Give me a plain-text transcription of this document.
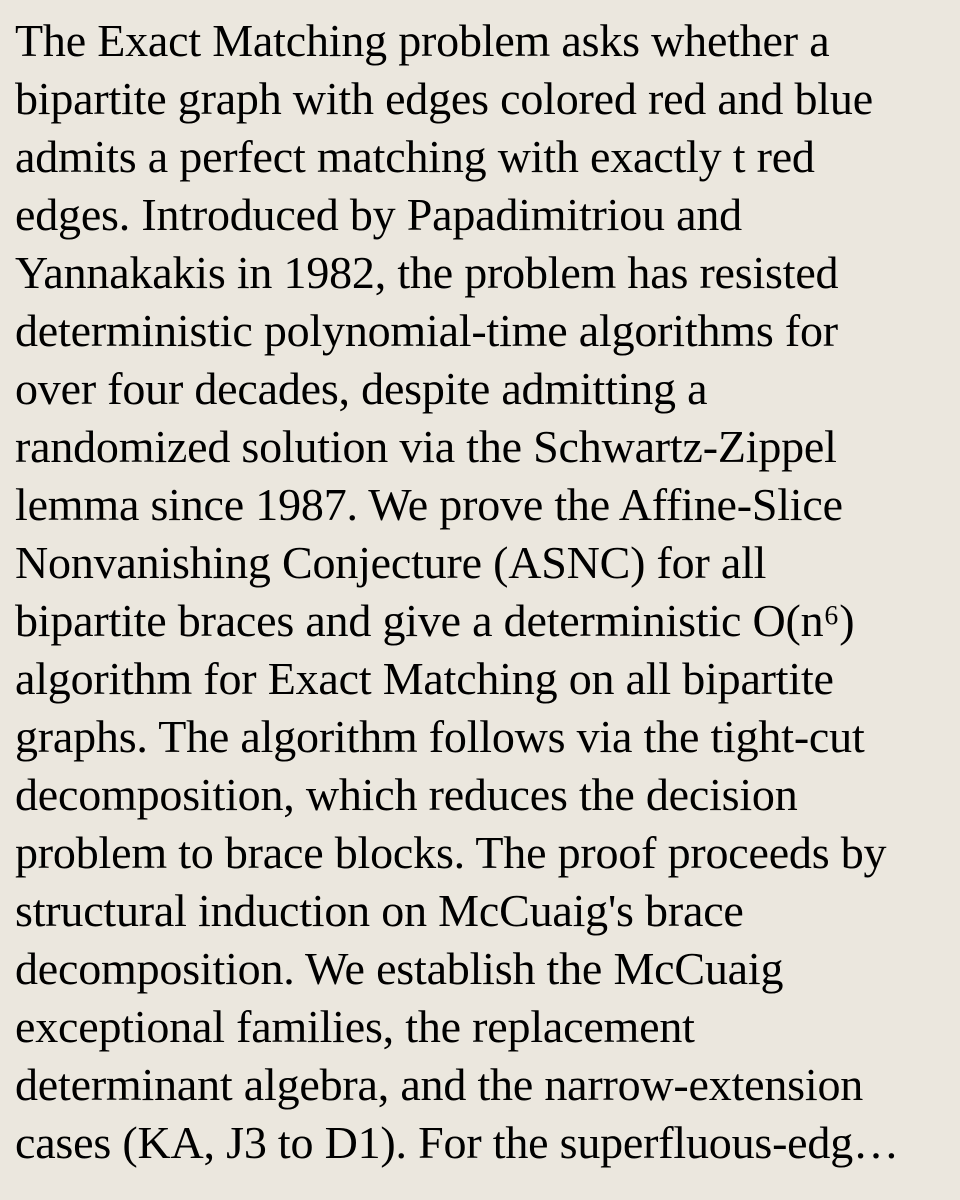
The Exact Matching problem asks whether a
bipartite graph with edges colored red and blue
admits a perfect matching with exactly t red
edges. Introduced by Papadimitriou and
Yannakakis in 1982, the problem has resisted
deterministic polynomial-time algorithms for
over four decades, despite admitting a
randomized solution via the Schwartz-Zippel
lemma since 1987. We prove the Affine-Slice
Nonvanishing Conjecture (ASNC) for all
bipartite braces and give a deterministic O(n⁶)
algorithm for Exact Matching on all bipartite
graphs. The algorithm follows via the tight-cut
decomposition, which reduces the decision
problem to brace blocks. The proof proceeds by
structural induction on McCuaig's brace
decomposition. We establish the McCuaig
exceptional families, the replacement
determinant algebra, and the narrow-extension
cases (KA, J3 to D1). For the superfluous-edg…
